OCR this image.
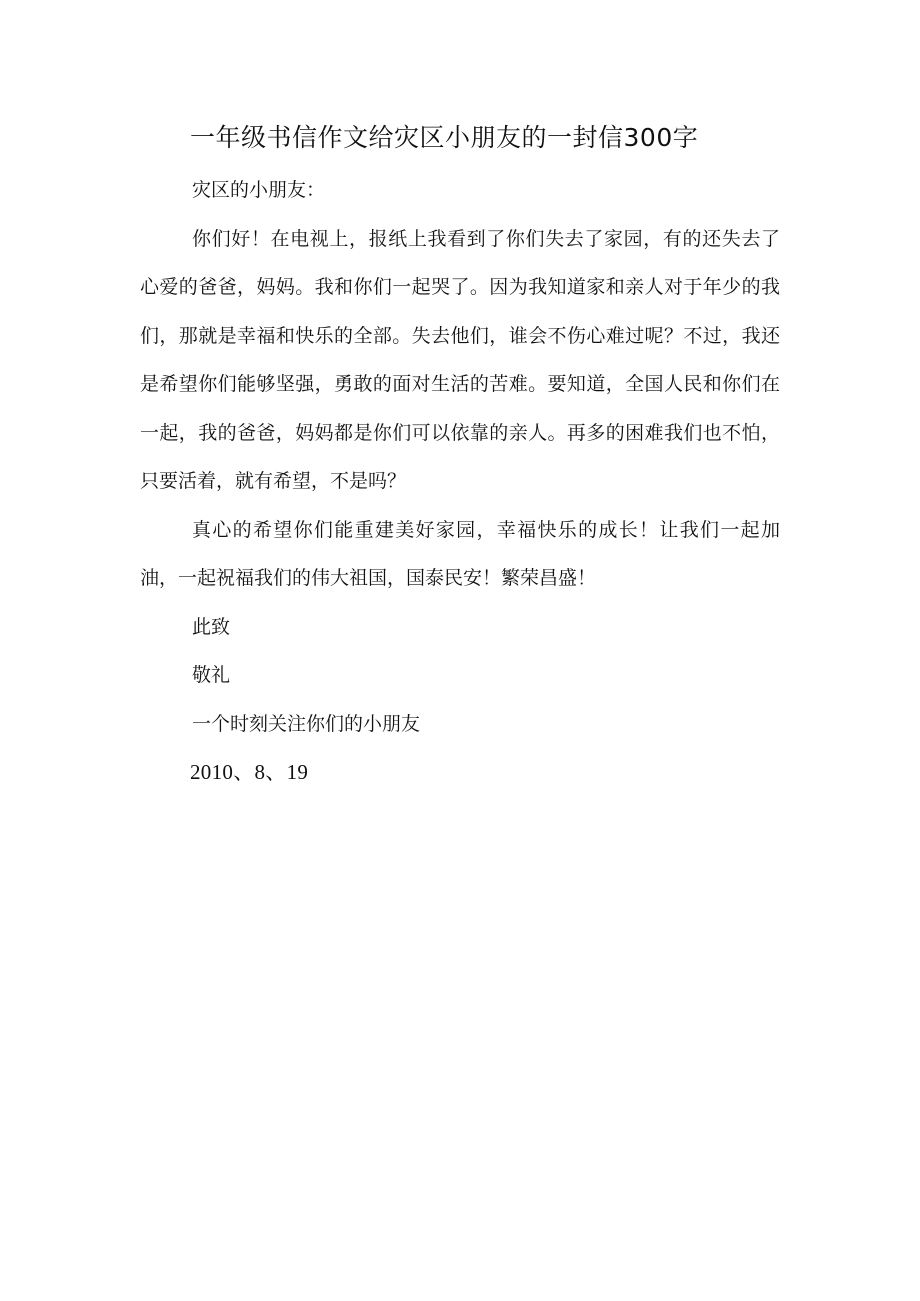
一年级书信作文给灾区小朋友的一封信300字

灾区的小朋友：

你们好！在电视上，报纸上我看到了你们失去了家园，有的还失去了心爱的爸爸，妈妈。我和你们一起哭了。因为我知道家和亲人对于年少的我们，那就是幸福和快乐的全部。失去他们，谁会不伤心难过呢？不过，我还是希望你们能够坚强，勇敢的面对生活的苦难。要知道，全国人民和你们在一起，我的爸爸，妈妈都是你们可以依靠的亲人。再多的困难我们也不怕，只要活着，就有希望，不是吗？

真心的希望你们能重建美好家园，幸福快乐的成长！让我们一起加油，一起祝福我们的伟大祖国，国泰民安！繁荣昌盛！

此致

敬礼

一个时刻关注你们的小朋友

2010、8、19
